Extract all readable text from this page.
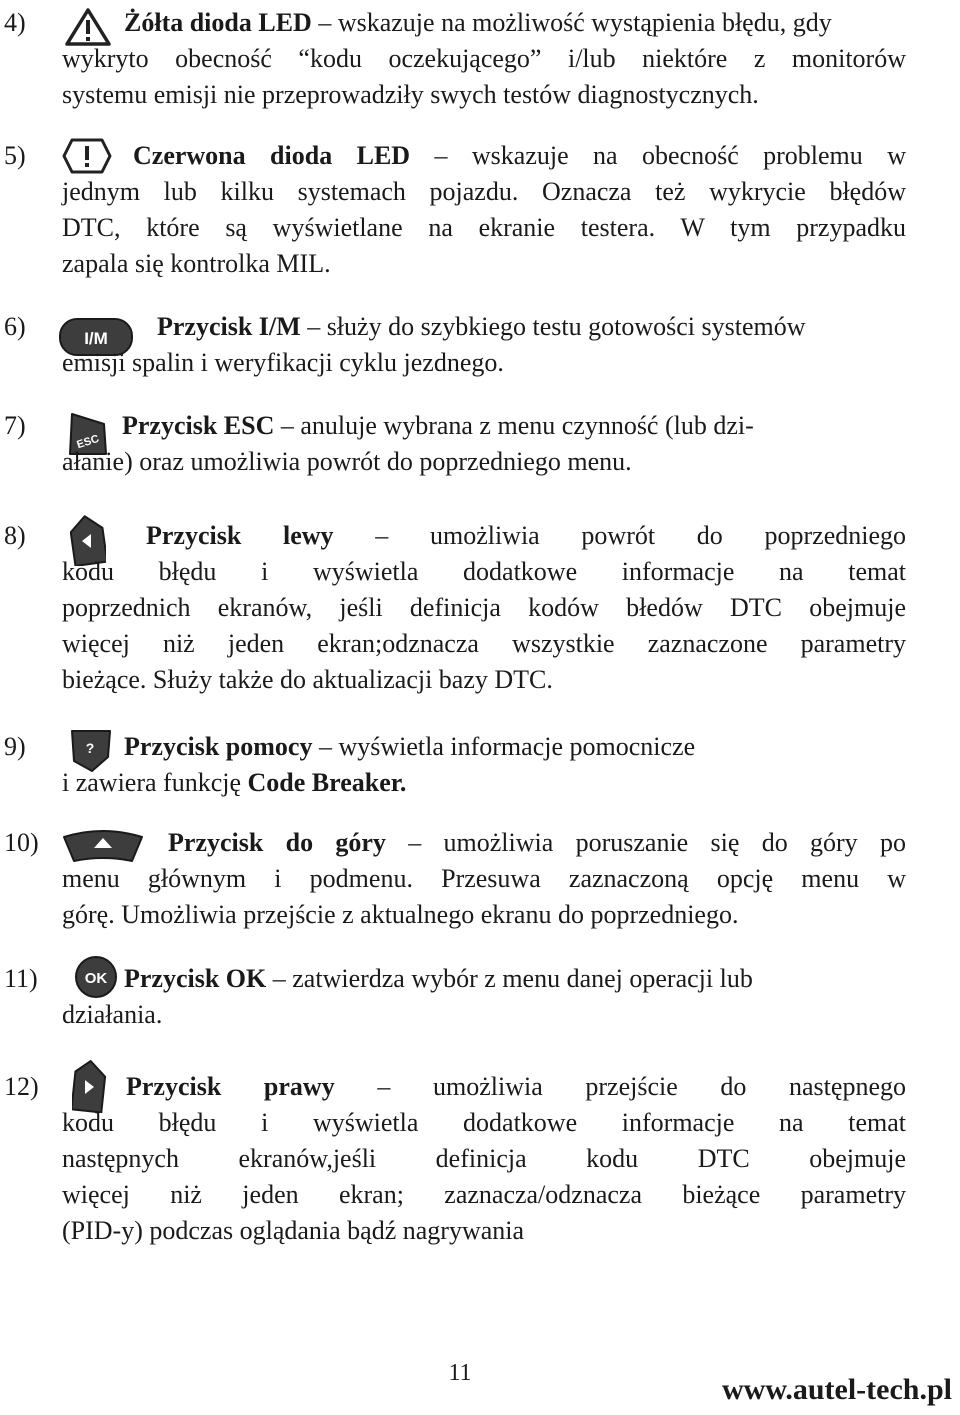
4)	Żółta dioda LED – wskazuje na możliwość wystąpienia błędu, gdy
wykryto obecność “kodu oczekującego” i/lub niektóre z monitorów
systemu emisji nie przeprowadziły swych testów diagnostycznych.
5)	Czerwona dioda LED – wskazuje na obecność problemu w
jednym lub kilku systemach pojazdu. Oznacza też wykrycie błędów
DTC, które są wyświetlane na ekranie testera. W tym przypadku
zapala się kontrolka MIL.
6)	I/M Przycisk I/M – służy do szybkiego testu gotowości systemów
emisji spalin i weryfikacji cyklu jezdnego.
7)
ESC
Przycisk ESC – anuluje wybrana z menu czynność (lub dzi-
ałanie) oraz umożliwia powrót do poprzedniego menu.
8)	Przycisk lewy – umożliwia powrót do poprzedniego
kodu błędu i wyświetla dodatkowe informacje na temat
poprzednich ekranów, jeśli definicja kodów błedów DTC obejmuje
więcej niż jeden ekran;odznacza wszystkie zaznaczone parametry
bieżące. Służy także do aktualizacji bazy DTC.
9)	? Przycisk pomocy – wyświetla informacje pomocnicze
i zawiera funkcję Code Breaker.
10)	Przycisk do góry – umożliwia poruszanie się do góry po
menu głównym i podmenu. Przesuwa zaznaczoną opcję menu w
górę. Umożliwia przejście z aktualnego ekranu do poprzedniego.
11)	OK Przycisk OK – zatwierdza wybór z menu danej operacji lub
działania.
12)	Przycisk prawy – umożliwia przejście do następnego
kodu błędu i wyświetla dodatkowe informacje na temat
następnych ekranów,jeśli definicja kodu DTC obejmuje
więcej niż jeden ekran; zaznacza/odznacza bieżące parametry
(PID-y) podczas oglądania bądź nagrywania
11	www.autel-tech.pl
